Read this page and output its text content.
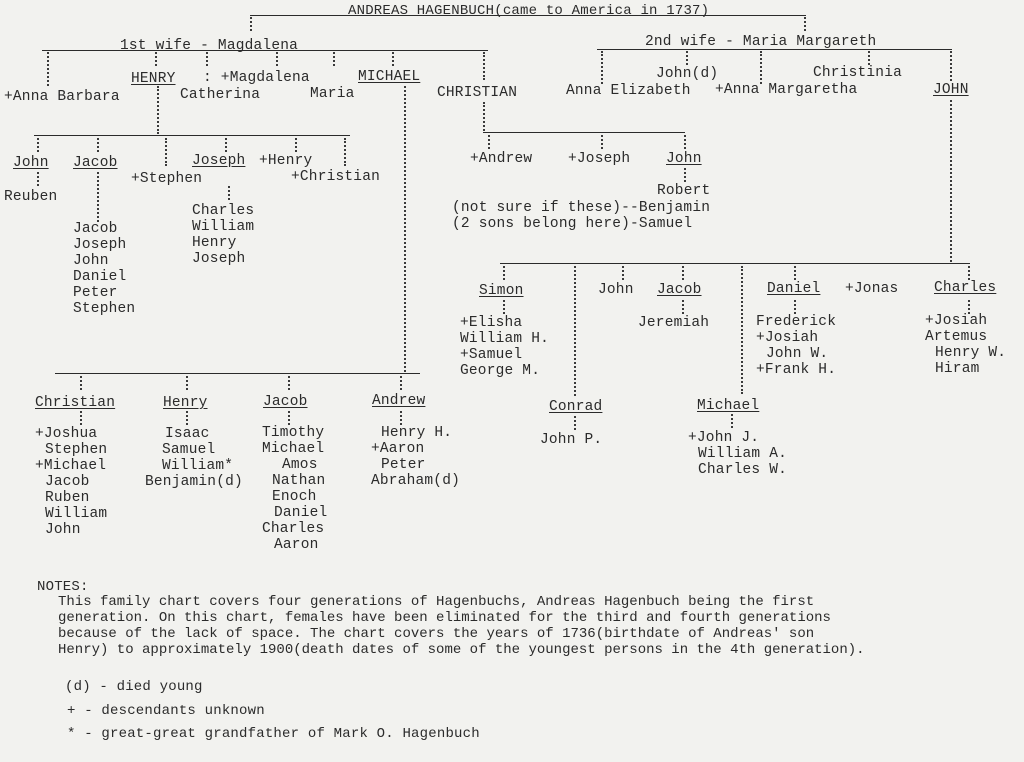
ANDREAS HAGENBUCH(came to America in 1737)
1st wife - Magdalena	2nd wife - Maria Margareth
+Anna Barbara
HENRY
Catherina
: +Magdalena
Maria
MICHAEL
CHRISTIAN	Anna Elizabeth
John(d)
+Anna Margaretha
Christinia
JOHN
John
Reuben
Jacob
Jacob
Joseph
John
Daniel
Peter
Stephen
+Stephen
Joseph
Charles
William
Henry
Joseph
+Henry
+Christian
+Andrew +Joseph John
Robert
(not sure if these)--Benjamin
(2 sons belong here)-Samuel
Christian
+Joshua
Stephen
+Michael
Jacob
Ruben
William
John
Henry
Isaac
Samuel
William*
Benjamin(d)
Jacob
Timothy
Michael
Amos
Nathan
Enoch
Daniel
Charles
Aaron
Andrew
Henry H.
+Aaron
Peter
Abraham(d)
Simon
+Elisha
William H.
+Samuel
George M.
Conrad
John P.
John Jacob
Jeremiah
Michael
+John J.
William A.
Charles W.
Daniel
Frederick
+Josiah
John W.
+Frank H.
+Jonas Charles
+Josiah
Artemus
Henry W.
Hiram
NOTES:
This family chart covers four generations of Hagenbuchs, Andreas Hagenbuch being the first
generation. On this chart, females have been eliminated for the third and fourth generations
because of the lack of space. The chart covers the years of 1736(birthdate of Andreas' son
Henry) to approximately 1900(death dates of some of the youngest persons in the 4th generation).
(d) - died young
+ - descendants unknown
* - great-great grandfather of Mark O. Hagenbuch
